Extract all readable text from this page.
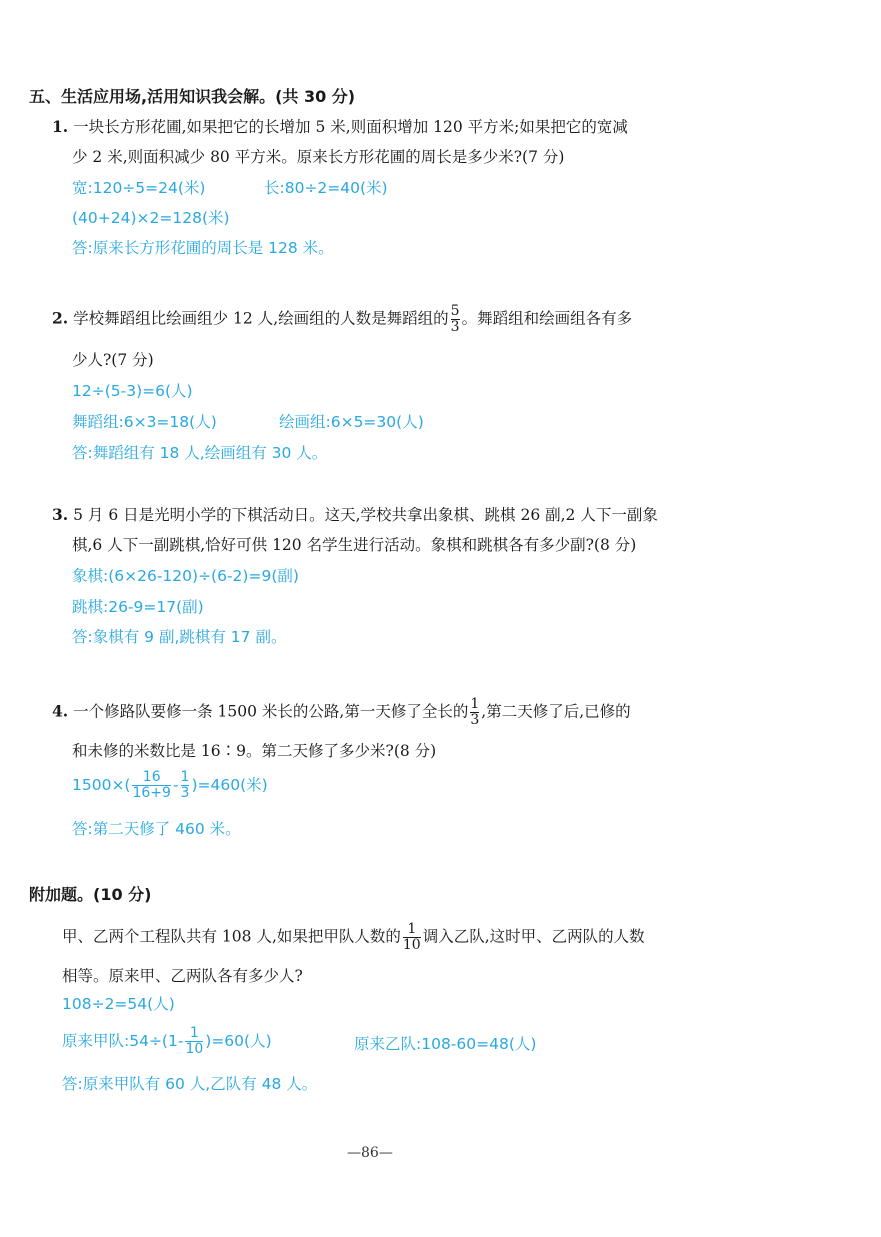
五、生活应用场,活用知识我会解。(共 30 分)
1. 一块长方形花圃,如果把它的长增加 5 米,则面积增加 120 平方米;如果把它的宽减
少 2 米,则面积减少 80 平方米。原来长方形花圃的周长是多少米?(7 分)
宽:120÷5=24(米)	长:80÷2=40(米)
(40+24)×2=128(米)
答:原来长方形花圃的周长是 128 米。
2. 学校舞蹈组比绘画组少 12 人,绘画组的人数是舞蹈组的 $\frac{5}{3}$ 。舞蹈组和绘画组各有多
少人?(7 分)
12÷(5-3)=6(人)
舞蹈组:6×3=18(人)	绘画组:6×5=30(人)
答:舞蹈组有 18 人,绘画组有 30 人。
3. 5 月 6 日是光明小学的下棋活动日。这天,学校共拿出象棋、跳棋 26 副,2 人下一副象
棋,6 人下一副跳棋,恰好可供 120 名学生进行活动。象棋和跳棋各有多少副?(8 分)
象棋:(6×26-120)÷(6-2)=9(副)
跳棋:26-9=17(副)
答:象棋有 9 副,跳棋有 17 副。
4. 一个修路队要修一条 1500 米长的公路,第一天修了全长的 $\frac{1}{3}$ ,第二天修了后,已修的
和未修的米数比是 16∶9。第二天修了多少米?(8 分)
$1500\times( \frac{16}{16+9} - \frac{1}{3} )=460$(米)
答:第二天修了 460 米。
附加题。(10 分)
甲、乙两个工程队共有 108 人,如果把甲队人数的 $\frac{1}{10}$ 调入乙队,这时甲、乙两队的人数
相等。原来甲、乙两队各有多少人?
108÷2=54(人)
原来甲队:54÷(1- $\frac{1}{10} )=60$(人)	原来乙队:108-60=48(人)
答:原来甲队有 60 人,乙队有 48 人。
—86—
